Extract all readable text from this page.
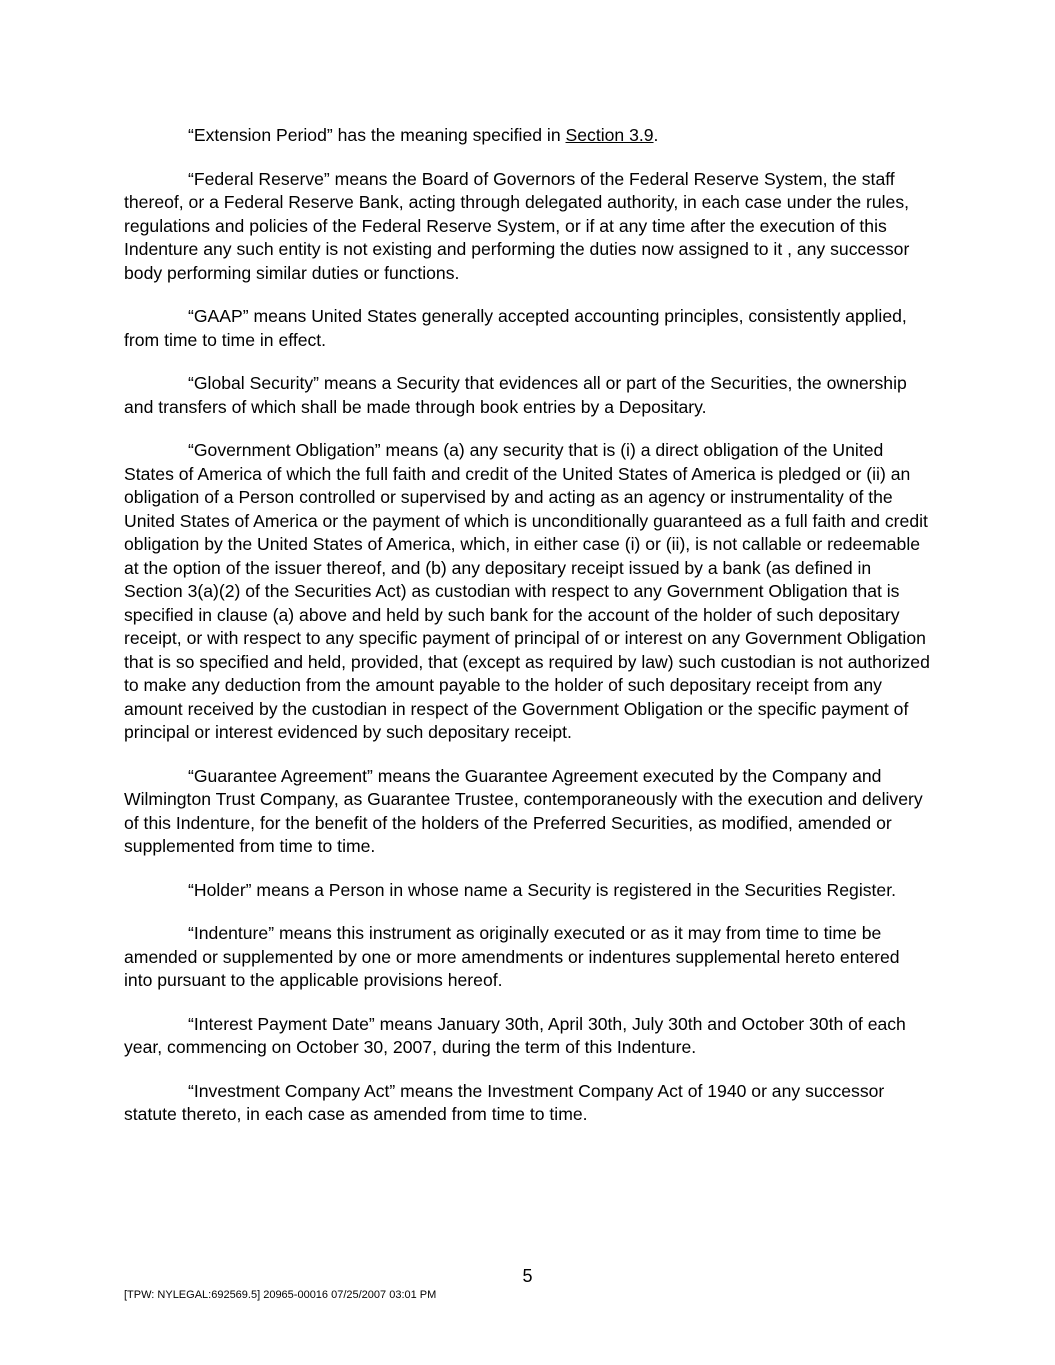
“Extension Period” has the meaning specified in Section 3.9.

“Federal Reserve” means the Board of Governors of the Federal Reserve System, the staff thereof, or a Federal Reserve Bank, acting through delegated authority, in each case under the rules, regulations and policies of the Federal Reserve System, or if at any time after the execution of this Indenture any such entity is not existing and performing the duties now assigned to it , any successor body performing similar duties or functions.

“GAAP” means United States generally accepted accounting principles, consistently applied, from time to time in effect.

“Global Security” means a Security that evidences all or part of the Securities, the ownership and transfers of which shall be made through book entries by a Depositary.

“Government Obligation” means (a) any security that is (i) a direct obligation of the United States of America of which the full faith and credit of the United States of America is pledged or (ii) an obligation of a Person controlled or supervised by and acting as an agency or instrumentality of the United States of America or the payment of which is unconditionally guaranteed as a full faith and credit obligation by the United States of America, which, in either case (i) or (ii), is not callable or redeemable at the option of the issuer thereof, and (b) any depositary receipt issued by a bank (as defined in Section 3(a)(2) of the Securities Act) as custodian with respect to any Government Obligation that is specified in clause (a) above and held by such bank for the account of the holder of such depositary receipt, or with respect to any specific payment of principal of or interest on any Government Obligation that is so specified and held, provided, that (except as required by law) such custodian is not authorized to make any deduction from the amount payable to the holder of such depositary receipt from any amount received by the custodian in respect of the Government Obligation or the specific payment of principal or interest evidenced by such depositary receipt.

“Guarantee Agreement” means the Guarantee Agreement executed by the Company and Wilmington Trust Company, as Guarantee Trustee, contemporaneously with the execution and delivery of this Indenture, for the benefit of the holders of the Preferred Securities, as modified, amended or supplemented from time to time.

“Holder” means a Person in whose name a Security is registered in the Securities Register.

“Indenture” means this instrument as originally executed or as it may from time to time be amended or supplemented by one or more amendments or indentures supplemental hereto entered into pursuant to the applicable provisions hereof.

“Interest Payment Date” means January 30th, April 30th, July 30th and October 30th of each year, commencing on October 30, 2007, during the term of this Indenture.

“Investment Company Act” means the Investment Company Act of 1940 or any successor statute thereto, in each case as amended from time to time.

5
[TPW: NYLEGAL:692569.5] 20965-00016 07/25/2007 03:01 PM
